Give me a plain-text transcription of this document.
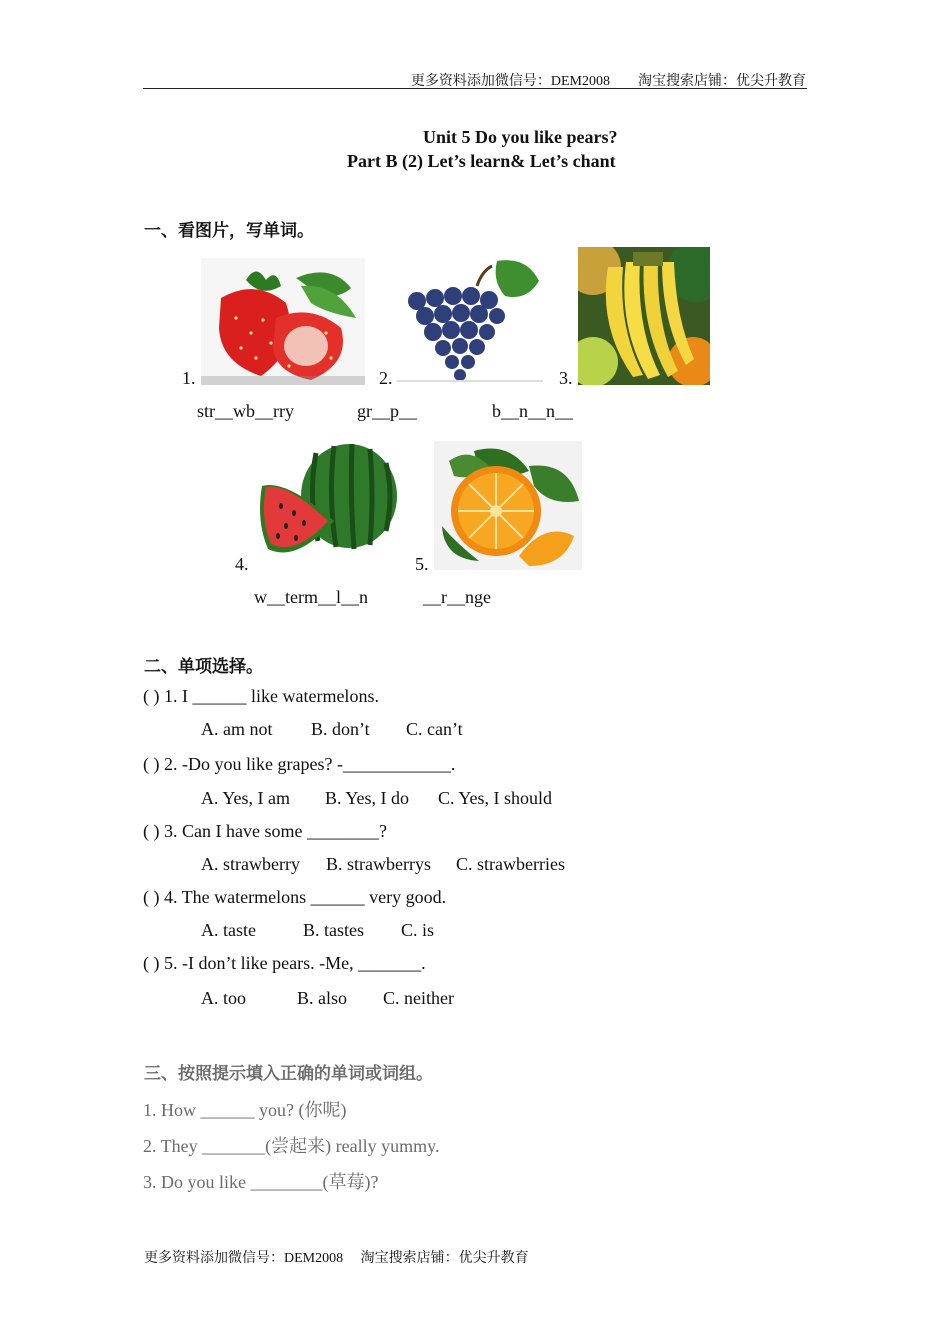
更多资料添加微信号：DEM2008　　淘宝搜索店铺：优尖升教育
Unit 5 Do you like pears?
Part B (2) Let’s learn& Let’s chant
一、看图片，写单词。
1.	2.	3.
str__wb__rry	gr__p__	b__n__n__
4.	5.
w__term__l__n	__r__nge
二、单项选择。
( ) 1. I ______ like watermelons.
A. am not B. don’t C. can’t
( ) 2. -Do you like grapes? -____________.
A. Yes, I am B. Yes, I do C. Yes, I should
( ) 3. Can I have some ________?
A. strawberry B. strawberrys C. strawberries
( ) 4. The watermelons ______ very good.
A. taste	B. tastes C. is
( ) 5. -I don’t like pears. -Me, _______.
A. too	B. also C. neither
三、按照提示填入正确的单词或词组。
1. How ______ you? (你呢)
2. They _______(尝起来) really yummy.
3. Do you like ________(草莓)?
更多资料添加微信号：DEM2008　 淘宝搜索店铺：优尖升教育
